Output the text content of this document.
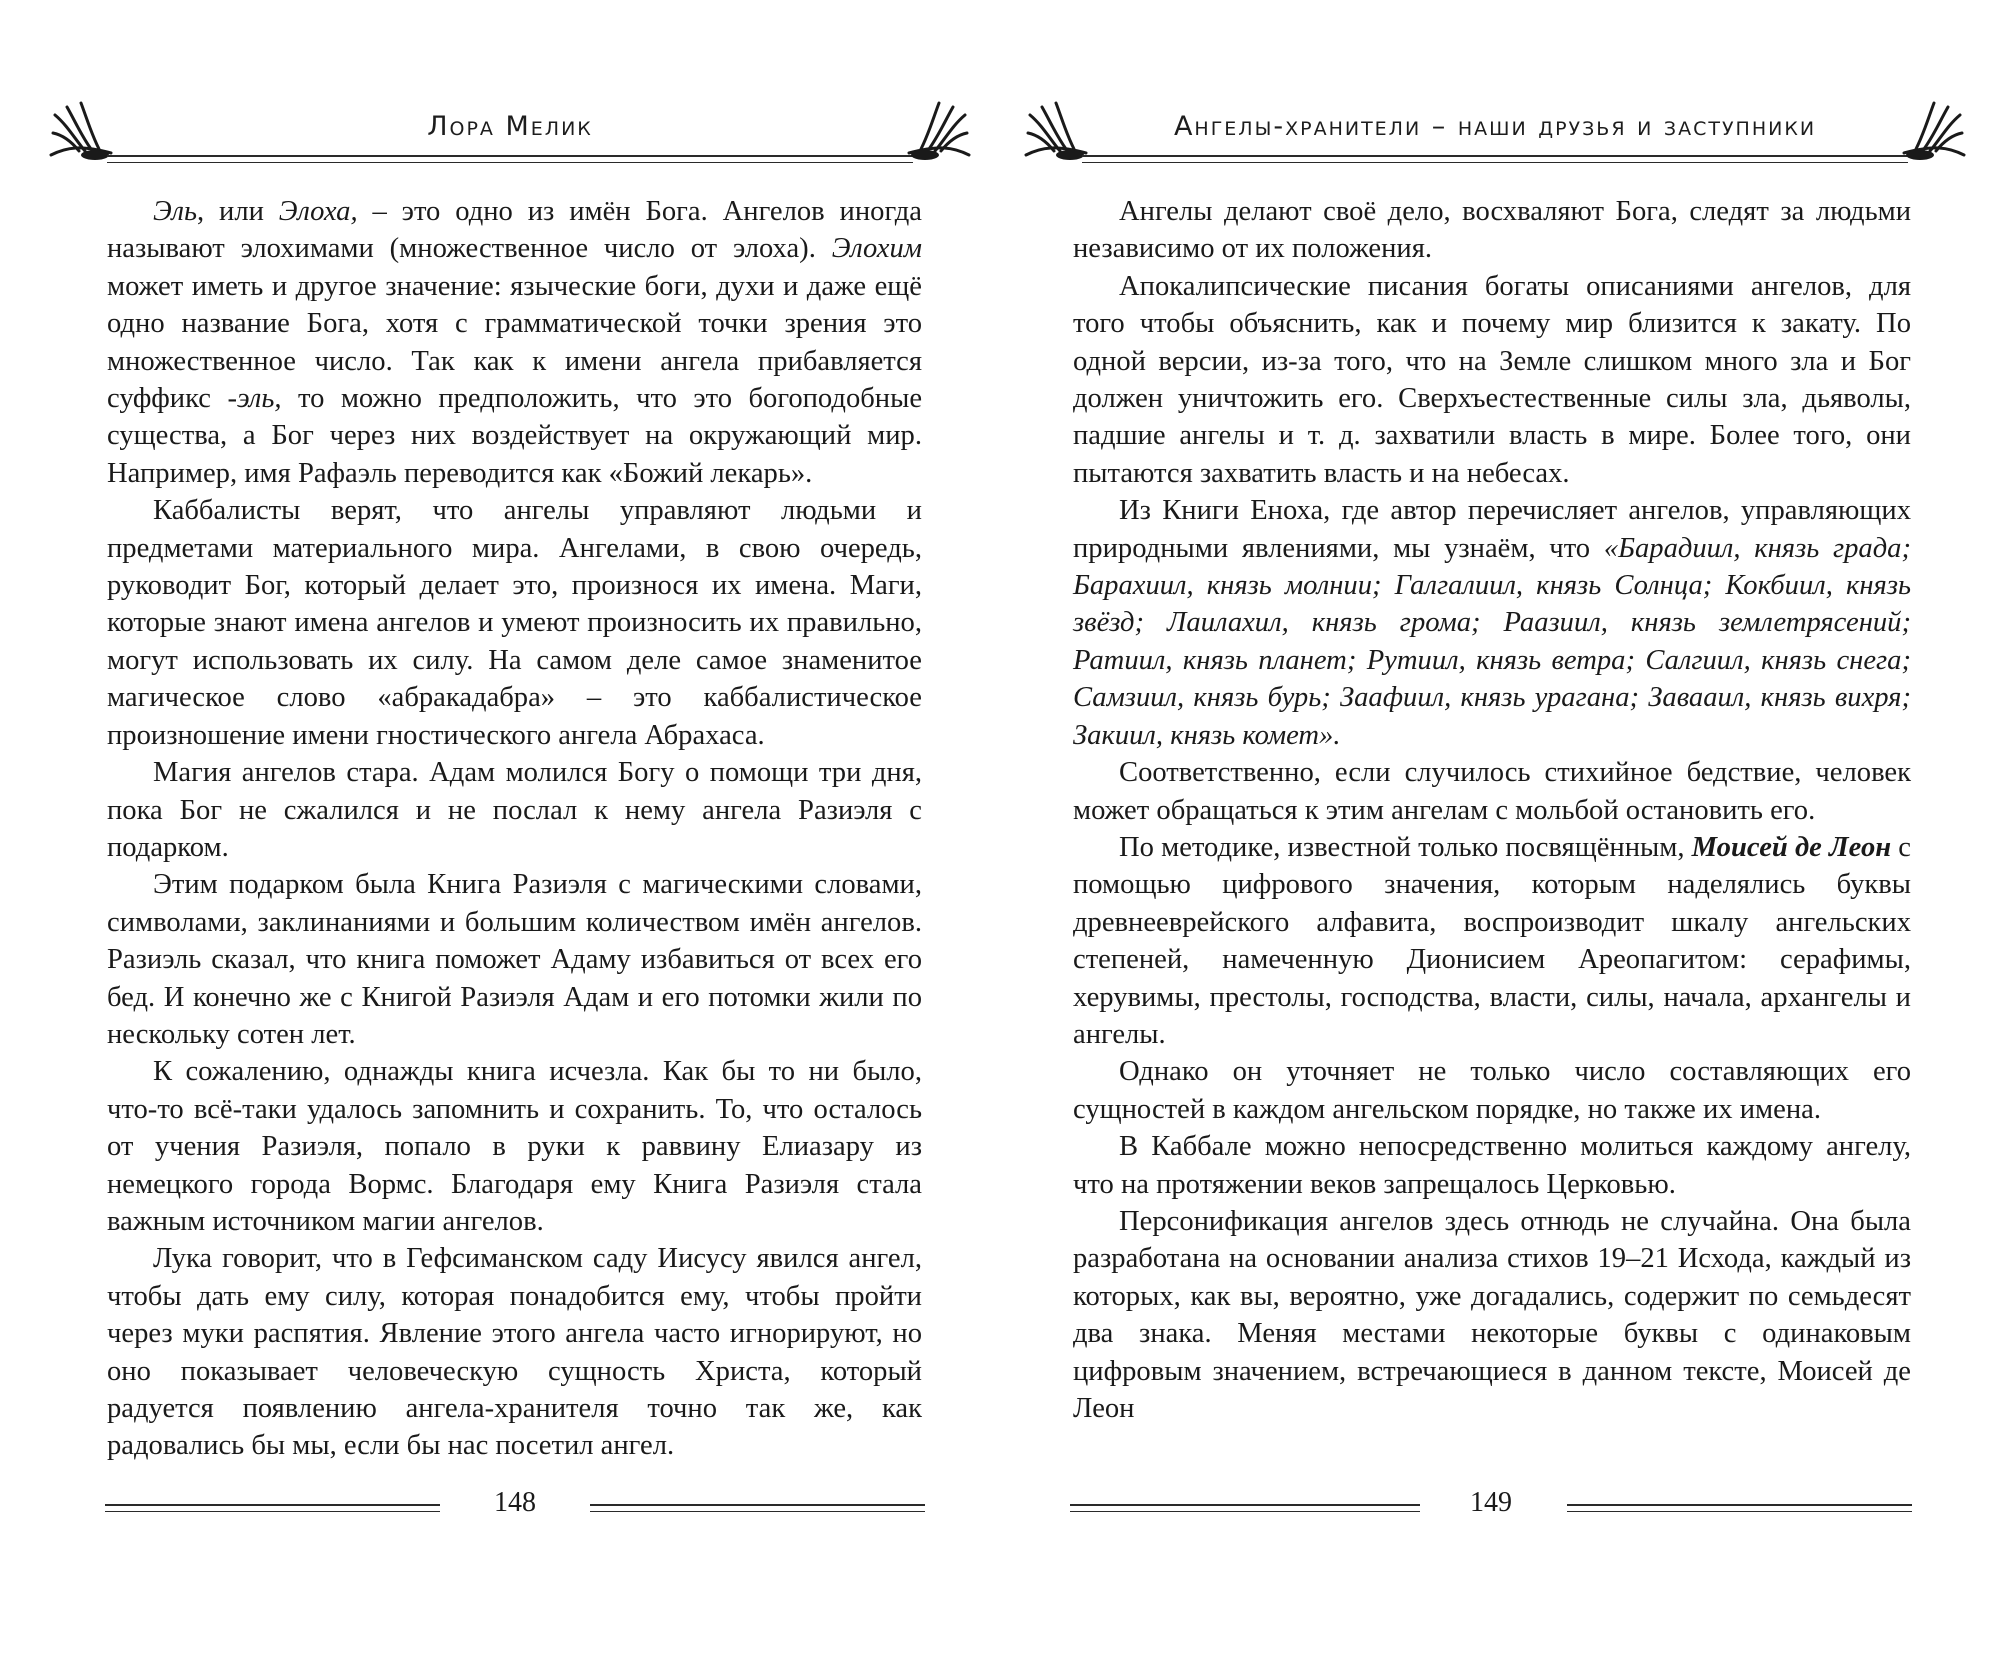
Лора Мелик

Эль, или Элоха, – это одно из имён Бога. Ангелов иногда называют элохимами (множественное число от элоха). Элохим может иметь и другое значение: языческие боги, духи и даже ещё одно название Бога, хотя с грамматической точки зрения это множественное число. Так как к имени ангела прибавляется суффикс -эль, то можно предположить, что это богоподобные существа, а Бог через них воздействует на окружающий мир. Например, имя Рафаэль переводится как «Божий лекарь».

Каббалисты верят, что ангелы управляют людьми и предметами материального мира. Ангелами, в свою очередь, руководит Бог, который делает это, произнося их имена. Маги, которые знают имена ангелов и умеют произносить их правильно, могут использовать их силу. На самом деле самое знаменитое магическое слово «абракадабра» – это каббалистическое произношение имени гностического ангела Абрахаса.

Магия ангелов стара. Адам молился Богу о помощи три дня, пока Бог не сжалился и не послал к нему ангела Разиэля с подарком.

Этим подарком была Книга Разиэля с магическими словами, символами, заклинаниями и большим количеством имён ангелов. Разиэль сказал, что книга поможет Адаму избавиться от всех его бед. И конечно же с Книгой Разиэля Адам и его потомки жили по нескольку сотен лет.

К сожалению, однажды книга исчезла. Как бы то ни было, что-то всё-таки удалось запомнить и сохранить. То, что осталось от учения Разиэля, попало в руки к раввину Елиазару из немецкого города Вормс. Благодаря ему Книга Разиэля стала важным источником магии ангелов.

Лука говорит, что в Гефсиманском саду Иисусу явился ангел, чтобы дать ему силу, которая понадобится ему, чтобы пройти через муки распятия. Явление этого ангела часто игнорируют, но оно показывает человеческую сущность Христа, который радуется появлению ангела-хранителя точно так же, как радовались бы мы, если бы нас посетил ангел.

148
Ангелы-хранители – наши друзья и заступники

Ангелы делают своё дело, восхваляют Бога, следят за людьми независимо от их положения.

Апокалипсические писания богаты описаниями ангелов, для того чтобы объяснить, как и почему мир близится к закату. По одной версии, из-за того, что на Земле слишком много зла и Бог должен уничтожить его. Сверхъестественные силы зла, дьяволы, падшие ангелы и т. д. захватили власть в мире. Более того, они пытаются захватить власть и на небесах.

Из Книги Еноха, где автор перечисляет ангелов, управляющих природными явлениями, мы узнаём, что «Барадиил, князь града; Барахиил, князь молнии; Галгалиил, князь Солнца; Кокбиил, князь звёзд; Лаилахил, князь грома; Раазиил, князь землетрясений; Ратиил, князь планет; Рутиил, князь ветра; Салгиил, князь снега; Самзиил, князь бурь; Заафиил, князь урагана; Завааил, князь вихря; Закиил, князь комет».

Соответственно, если случилось стихийное бедствие, человек может обращаться к этим ангелам с мольбой остановить его.

По методике, известной только посвящённым, Моисей де Леон с помощью цифрового значения, которым наделялись буквы древнееврейского алфавита, воспроизводит шкалу ангельских степеней, намеченную Дионисием Ареопагитом: серафимы, херувимы, престолы, господства, власти, силы, начала, архангелы и ангелы.

Однако он уточняет не только число составляющих его сущностей в каждом ангельском порядке, но также их имена.

В Каббале можно непосредственно молиться каждому ангелу, что на протяжении веков запрещалось Церковью.

Персонификация ангелов здесь отнюдь не случайна. Она была разработана на основании анализа стихов 19–21 Исхода, каждый из которых, как вы, вероятно, уже догадались, содержит по семьдесят два знака. Меняя местами некоторые буквы с одинаковым цифровым значением, встречающиеся в данном тексте, Моисей де Леон

149
